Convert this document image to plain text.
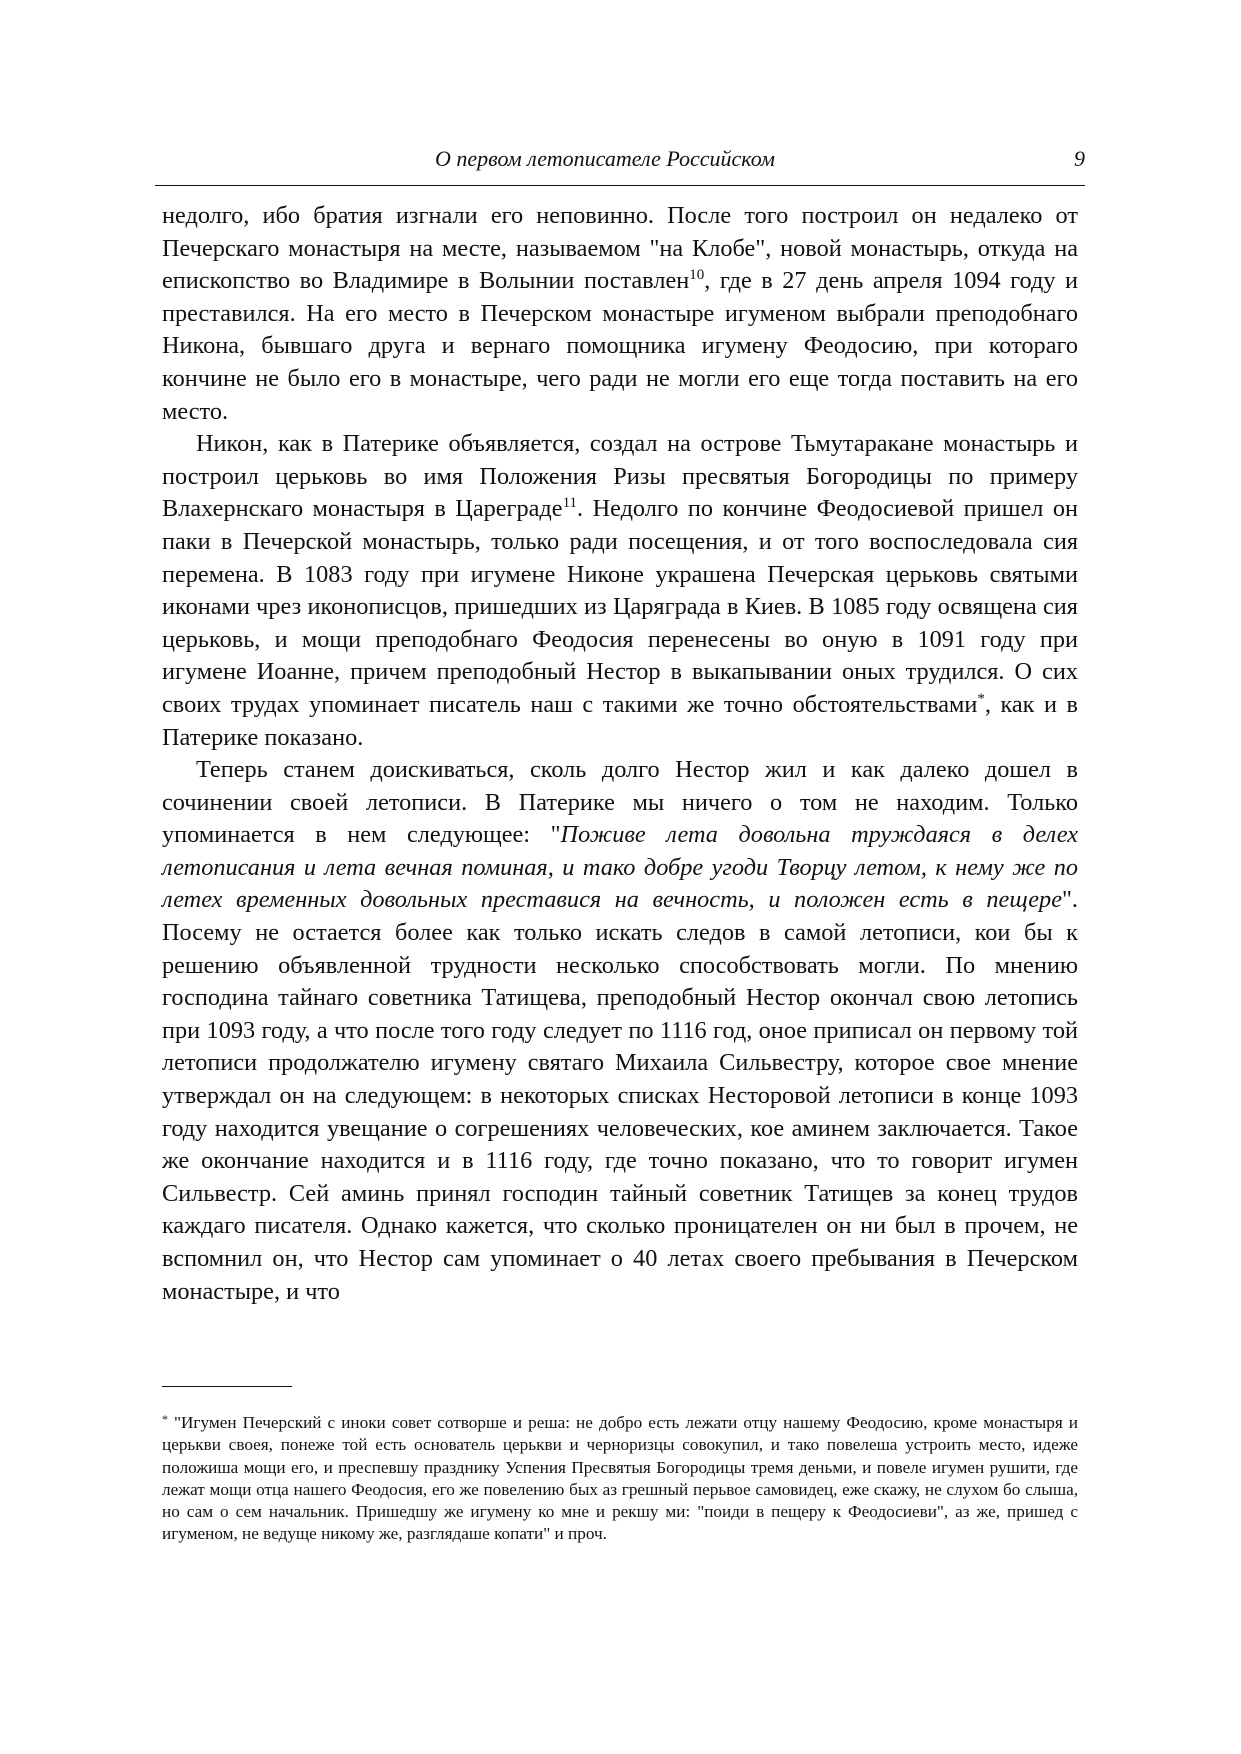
О первом летописателе Российском	9

недолго, ибо братия изгнали его неповинно. После того построил он недалеко от Печерскаго монастыря на месте, называемом "на Клобе", новой монастырь, откуда на епископство во Владимире в Волынии поставлен$^{10}$, где в 27 день апреля 1094 году и преставился. На его место в Печерском монастыре игуменом выбрали преподобнаго Никона, бывшаго друга и вернаго помощника игумену Феодосию, при котораго кончине не было его в монастыре, чего ради не могли его еще тогда поставить на его место.

Никон, как в Патерике объявляется, создал на острове Тьмутаракане монастырь и построил церьковь во имя Положения Ризы пресвятыя Богородицы по примеру Влахернскаго монастыря в Цареграде$^{11}$. Недолго по кончине Феодосиевой пришел он паки в Печерской монастырь, только ради посещения, и от того воспоследовала сия перемена. В 1083 году при игумене Никоне украшена Печерская церьковь святыми иконами чрез иконописцов, пришедших из Царяграда в Киев. В 1085 году освящена сия церьковь, и мощи преподобнаго Феодосия перенесены во оную в 1091 году при игумене Иоанне, причем преподобный Нестор в выкапывании оных трудился. О сих своих трудах упоминает писатель наш с такими же точно обстоятельствами*, как и в Патерике показано.

Теперь станем доискиваться, сколь долго Нестор жил и как далеко дошел в сочинении своей летописи. В Патерике мы ничего о том не находим. Только упоминается в нем следующее: "Поживе лета довольна труждаяся в делех летописания и лета вечная поминая, и тако добре угоди Творцу летом, к нему же по летех временных довольных преставися на вечность, и положен есть в пещере". Посему не остается более как только искать следов в самой летописи, кои бы к решению объявленной трудности несколько способствовать могли. По мнению господина тайнаго советника Татищева, преподобный Нестор окончал свою летопись при 1093 году, а что после того году следует по 1116 год, оное приписал он первому той летописи продолжателю игумену святаго Михаила Сильвестру, которое свое мнение утверждал он на следующем: в некоторых списках Несторовой летописи в конце 1093 году находится увещание о согрешениях человеческих, кое аминем заключается. Такое же окончание находится и в 1116 году, где точно показано, что то говорит игумен Сильвестр. Сей аминь принял господин тайный советник Татищев за конец трудов каждаго писателя. Однако кажется, что сколько проницателен он ни был в прочем, не вспомнил он, что Нестор сам упоминает о 40 летах своего пребывания в Печерском монастыре, и что

* "Игумен Печерский с иноки совет сотворше и реша: не добро есть лежати отцу нашему Феодосию, кроме монастыря и церькви своея, понеже той есть основатель церькви и черноризцы совокупил, и тако повелеша устроить место, идеже положиша мощи его, и преспевшу празднику Успения Пресвятыя Богородицы тремя деньми, и повеле игумен рушити, где лежат мощи отца нашего Феодосия, его же повелению бых аз грешный перьвое самовидец, еже скажу, не слухом бо слыша, но сам о сем начальник. Пришедшу же игумену ко мне и рекшу ми: "поиди в пещеру к Феодосиеви", аз же, пришед с игуменом, не ведуще никому же, разглядаше копати" и проч.
